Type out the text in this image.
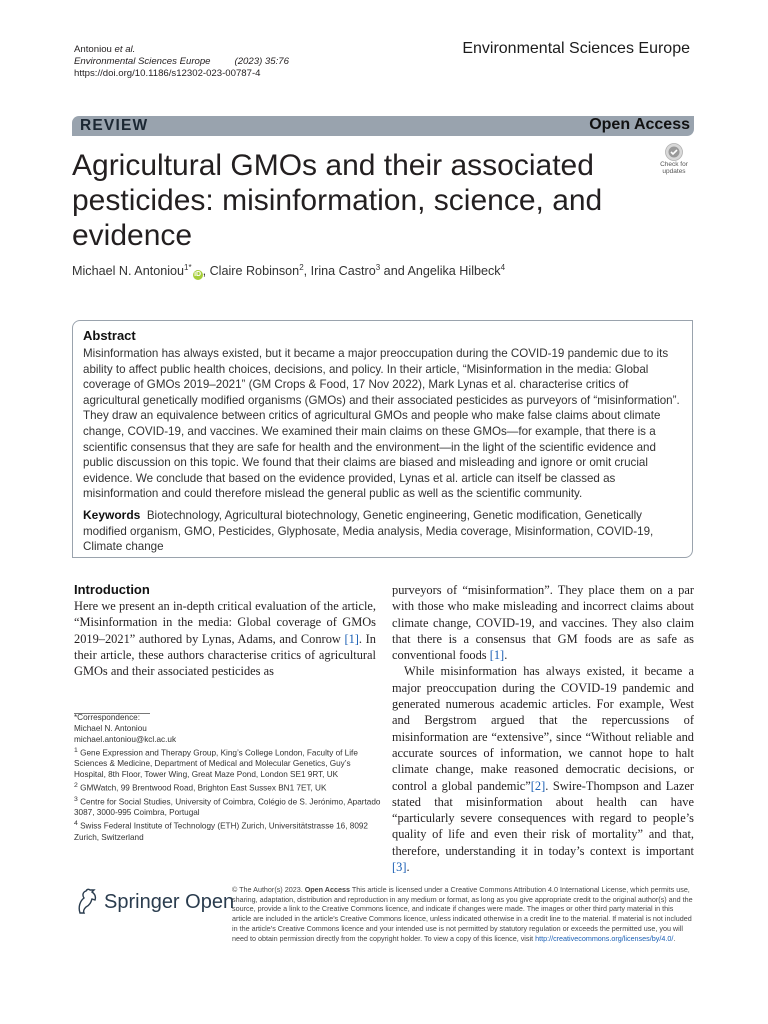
Antoniou et al.
Environmental Sciences Europe	(2023) 35:76
https://doi.org/10.1186/s12302-023-00787-4
Environmental Sciences Europe
REVIEW	Open Access
Agricultural GMOs and their associated pesticides: misinformation, science, and evidence
Check for
updates
Michael N. Antoniou$^{1*}$iD , Claire Robinson$^2$, Irina Castro$^3$ and Angelika Hilbeck$^4$
Abstract
Misinformation has always existed, but it became a major preoccupation during the COVID-19 pandemic due to its ability to affect public health choices, decisions, and policy. In their article, “Misinformation in the media: Global coverage of GMOs 2019–2021” (GM Crops & Food, 17 Nov 2022), Mark Lynas et al. characterise critics of agricultural genetically modified organisms (GMOs) and their associated pesticides as purveyors of “misinformation”. They draw an equivalence between critics of agricultural GMOs and people who make false claims about climate change, COVID-19, and vaccines. We examined their main claims on these GMOs—for example, that there is a scientific consensus that they are safe for health and the environment—in the light of the scientific evidence and public discussion on this topic. We found that their claims are biased and misleading and ignore or omit crucial evidence. We conclude that based on the evidence provided, Lynas et al. article can itself be classed as misinformation and could therefore mislead the general public as well as the scientific community.
Keywords Biotechnology, Agricultural biotechnology, Genetic engineering, Genetic modification, Genetically modified organism, GMO, Pesticides, Glyphosate, Media analysis, Media coverage, Misinformation, COVID-19, Climate change
Introduction
Here we present an in-depth critical evaluation of the article, “Misinformation in the media: Global coverage of GMOs 2019–2021” authored by Lynas, Adams, and Conrow [1]. In their article, these authors characterise critics of agricultural GMOs and their associated pesticides as

purveyors of “misinformation”. They place them on a par with those who make misleading and incorrect claims about climate change, COVID-19, and vaccines. They also claim that there is a consensus that GM foods are as safe as conventional foods [1].

While misinformation has always existed, it became a major preoccupation during the COVID-19 pandemic and generated numerous academic articles. For example, West and Bergstrom argued that the repercussions of misinformation are “extensive”, since “Without reliable and accurate sources of information, we cannot hope to halt climate change, make reasoned democratic decisions, or control a global pandemic”[2]. Swire-Thompson and Lazer stated that misinformation about health can have “particularly severe consequences with regard to people’s quality of life and even their risk of mortality” and that, therefore, understanding it in today’s context is important [3].

*Correspondence:
Michael N. Antoniou
michael.antoniou@kcl.ac.uk
$^1$ Gene Expression and Therapy Group, King’s College London, Faculty of Life Sciences & Medicine, Department of Medical and Molecular Genetics, Guy’s Hospital, 8th Floor, Tower Wing, Great Maze Pond, London SE1 9RT, UK
$^2$ GMWatch, 99 Brentwood Road, Brighton East Sussex BN1 7ET, UK
$^3$ Centre for Social Studies, University of Coimbra, Colégio de S. Jerónimo, Apartado 3087, 3000-995 Coimbra, Portugal
$^4$ Swiss Federal Institute of Technology (ETH) Zurich, Universitätstrasse 16, 8092 Zurich, Switzerland
Springer Open
© The Author(s) 2023. Open Access This article is licensed under a Creative Commons Attribution 4.0 International License, which permits use, sharing, adaptation, distribution and reproduction in any medium or format, as long as you give appropriate credit to the original author(s) and the source, provide a link to the Creative Commons licence, and indicate if changes were made. The images or other third party material in this article are included in the article’s Creative Commons licence, unless indicated otherwise in a credit line to the material. If material is not included in the article’s Creative Commons licence and your intended use is not permitted by statutory regulation or exceeds the permitted use, you will need to obtain permission directly from the copyright holder. To view a copy of this licence, visit http://creativecommons.org/licenses/by/4.0/.
